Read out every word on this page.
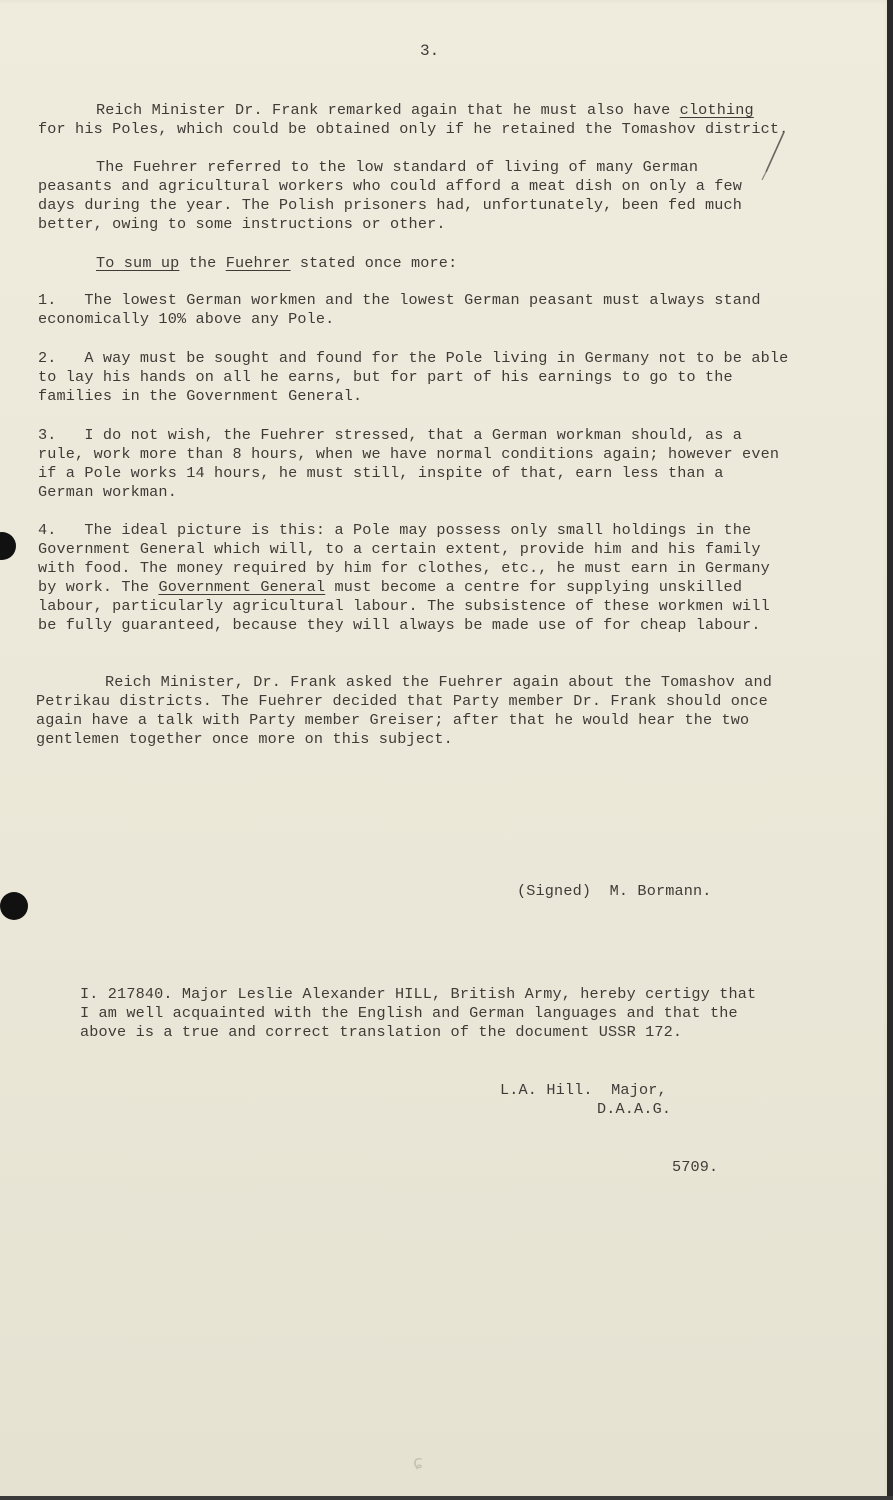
3.
Reich Minister Dr. Frank remarked again that he must also have clothing
for his Poles, which could be obtained only if he retained the Tomashov district.
The Fuehrer referred to the low standard of living of many German
peasants and agricultural workers who could afford a meat dish on only a few
days during the year. The Polish prisoners had, unfortunately, been fed much
better, owing to some instructions or other.
To sum up the Fuehrer stated once more:
1.   The lowest German workmen and the lowest German peasant must always stand
economically 10% above any Pole.
2.   A way must be sought and found for the Pole living in Germany not to be able
to lay his hands on all he earns, but for part of his earnings to go to the
families in the Government General.
3.   I do not wish, the Fuehrer stressed, that a German workman should, as a
rule, work more than 8 hours, when we have normal conditions again; however even
if a Pole works 14 hours, he must still, inspite of that, earn less than a
German workman.
4.   The ideal picture is this: a Pole may possess only small holdings in the
Government General which will, to a certain extent, provide him and his family
with food. The money required by him for clothes, etc., he must earn in Germany
by work. The Government General must become a centre for supplying unskilled
labour, particularly agricultural labour. The subsistence of these workmen will
be fully guaranteed, because they will always be made use of for cheap labour.
Reich Minister, Dr. Frank asked the Fuehrer again about the Tomashov and
Petrikau districts. The Fuehrer decided that Party member Dr. Frank should once
again have a talk with Party member Greiser; after that he would hear the two
gentlemen together once more on this subject.
(Signed)  M. Bormann.
I. 217840. Major Leslie Alexander HILL, British Army, hereby certigy that
I am well acquainted with the English and German languages and that the
above is a true and correct translation of the document USSR 172.
L.A. Hill.  Major,
D.A.A.G.
5709.
ɕ
